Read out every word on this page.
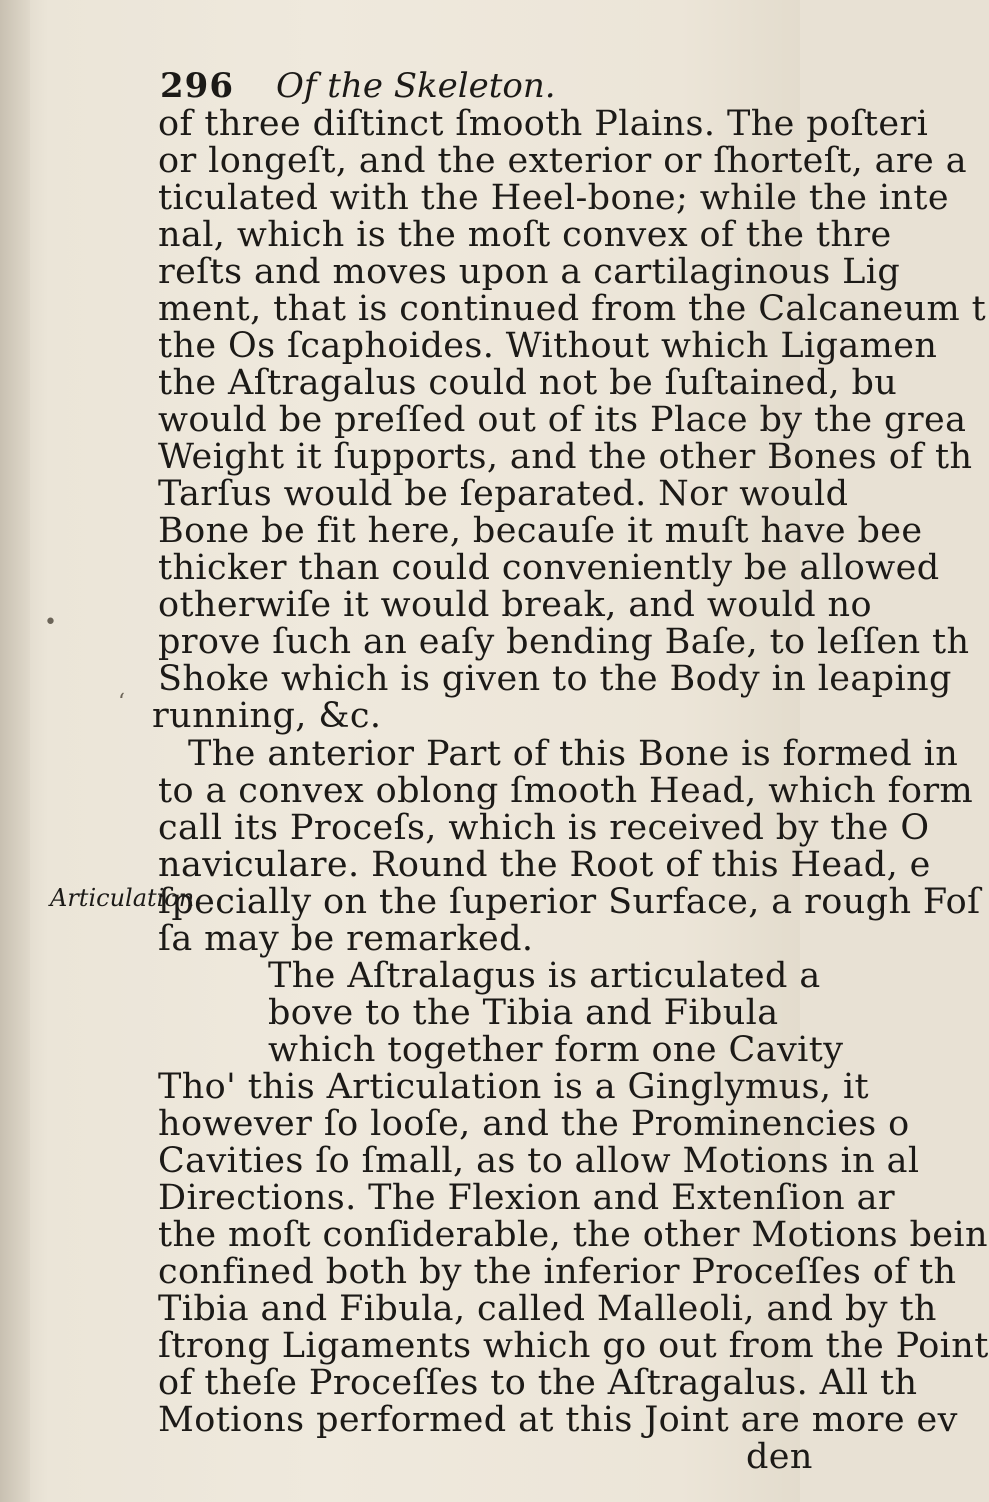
296 Of the Skeleton.
•
‘
of three diſtinct ſmooth Plains. The poſteri
or longeſt, and the exterior or ſhorteſt, are a
ticulated with the Heel-bone; while the inte
nal, which is the moſt convex of the thre
reſts and moves upon a cartilaginous Lig
ment, that is continued from the Calcaneum t
the Os ſcaphoides. Without which Ligamen
the Aſtragalus could not be ſuſtained, bu
would be preſſed out of its Place by the grea
Weight it ſupports, and the other Bones of th
Tarſus would be ſeparated. Nor would
Bone be fit here, becauſe it muſt have bee
thicker than could conveniently be allowed
otherwiſe it would break, and would no
prove ſuch an eaſy bending Baſe, to leſſen th
Shoke which is given to the Body in leaping
running, &c.
The anterior Part of this Bone is formed in
to a convex oblong ſmooth Head, which form
call its Proceſs, which is received by the O
naviculare. Round the Root of this Head, e
ſpecially on the ſuperior Surface, a rough Foſ
ſa may be remarked.
The Aſtralagus is articulated a
bove to the Tibia and Fibula
which together form one Cavity
Tho' this Articulation is a Ginglymus, it
however ſo looſe, and the Prominencies o
Cavities ſo ſmall, as to allow Motions in al
Directions. The Flexion and Extenſion ar
the moſt conſiderable, the other Motions bein
confined both by the inferior Proceſſes of th
Tibia and Fibula, called Malleoli, and by th
ſtrong Ligaments which go out from the Point
of theſe Proceſſes to the Aſtragalus. All th
Motions performed at this Joint are more ev
den
Articulation.
